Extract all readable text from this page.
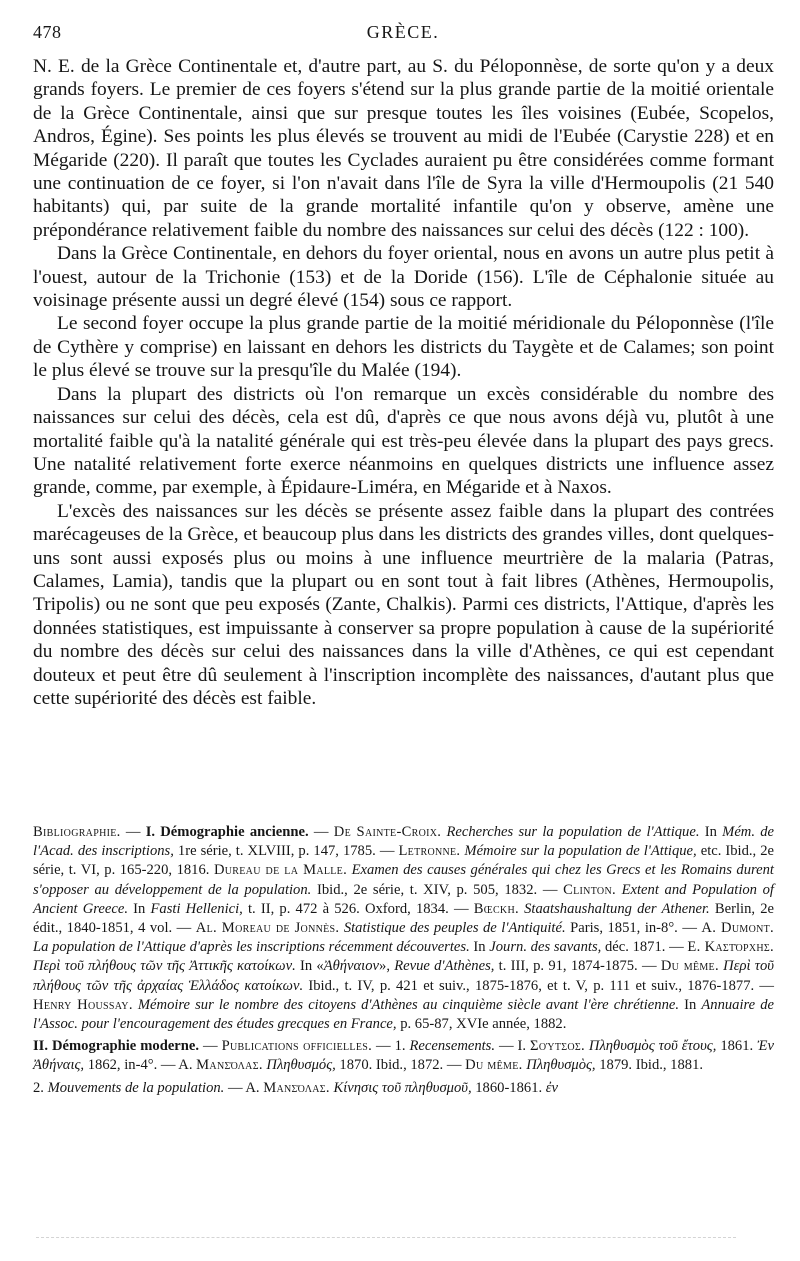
478	GRÈCE.

N. E. de la Grèce Continentale et, d'autre part, au S. du Péloponnèse, de sorte qu'on y a deux grands foyers. Le premier de ces foyers s'étend sur la plus grande partie de la moitié orientale de la Grèce Continentale, ainsi que sur presque toutes les îles voisines (Eubée, Scopelos, Andros, Égine). Ses points les plus élevés se trouvent au midi de l'Eubée (Carystie 228) et en Mégaride (220). Il paraît que toutes les Cyclades auraient pu être considérées comme formant une continuation de ce foyer, si l'on n'avait dans l'île de Syra la ville d'Hermoupolis (21 540 habitants) qui, par suite de la grande mortalité infantile qu'on y observe, amène une prépondérance relativement faible du nombre des naissances sur celui des décès (122 : 100).

Dans la Grèce Continentale, en dehors du foyer oriental, nous en avons un autre plus petit à l'ouest, autour de la Trichonie (153) et de la Doride (156). L'île de Céphalonie située au voisinage présente aussi un degré élevé (154) sous ce rapport.

Le second foyer occupe la plus grande partie de la moitié méridionale du Péloponnèse (l'île de Cythère y comprise) en laissant en dehors les districts du Taygète et de Calames; son point le plus élevé se trouve sur la presqu'île du Malée (194).

Dans la plupart des districts où l'on remarque un excès considérable du nombre des naissances sur celui des décès, cela est dû, d'après ce que nous avons déjà vu, plutôt à une mortalité faible qu'à la natalité générale qui est très-peu élevée dans la plupart des pays grecs. Une natalité relativement forte exerce néanmoins en quelques districts une influence assez grande, comme, par exemple, à Épidaure-Liméra, en Mégaride et à Naxos.

L'excès des naissances sur les décès se présente assez faible dans la plupart des contrées marécageuses de la Grèce, et beaucoup plus dans les districts des grandes villes, dont quelques-uns sont aussi exposés plus ou moins à une influence meurtrière de la malaria (Patras, Calames, Lamia), tandis que la plupart ou en sont tout à fait libres (Athènes, Hermoupolis, Tripolis) ou ne sont que peu exposés (Zante, Chalkis). Parmi ces districts, l'Attique, d'après les données statistiques, est impuissante à conserver sa propre population à cause de la supériorité du nombre des décès sur celui des naissances dans la ville d'Athènes, ce qui est cependant douteux et peut être dû seulement à l'inscription incomplète des naissances, d'autant plus que cette supériorité des décès est faible.

Bibliographie. — I. Démographie ancienne. — De Sainte-Croix. Recherches sur la population de l'Attique. In Mém. de l'Acad. des inscriptions, 1re série, t. XLVIII, p. 147, 1785. — Letronne. Mémoire sur la population de l'Attique, etc. Ibid., 2e série, t. VI, p. 165-220, 1816. Dureau de la Malle. Examen des causes générales qui chez les Grecs et les Romains durent s'opposer au développement de la population. Ibid., 2e série, t. XIV, p. 505, 1832. — Clinton. Extent and Population of Ancient Greece. In Fasti Hellenici, t. II, p. 472 à 526. Oxford, 1834. — Bœckh. Staatshaushaltung der Athener. Berlin, 2e édit., 1840-1851, 4 vol. — Al. Moreau de Jonnès. Statistique des peuples de l'Antiquité. Paris, 1851, in-8°. — A. Dumont. La population de l'Attique d'après les inscriptions récemment découvertes. In Journ. des savants, déc. 1871. — E. Καστόρχης. Περὶ τοῦ πλήθους τῶν τῆς Ἀττικῆς κατοίκων. In «Ἀθήναιον», Revue d'Athènes, t. III, p. 91, 1874-1875. — Du même. Περὶ τοῦ πλήθους τῶν τῆς ἀρχαίας Ἑλλάδος κατοίκων. Ibid., t. IV, p. 421 et suiv., 1875-1876, et t. V, p. 111 et suiv., 1876-1877. — Henry Houssay. Mémoire sur le nombre des citoyens d'Athènes au cinquième siècle avant l'ère chrétienne. In Annuaire de l'Assoc. pour l'encouragement des études grecques en France, p. 65-87, XVIe année, 1882.

II. Démographie moderne. — Publications officielles. — 1. Recensements. — I. Σούτσος. Πληθυσμὸς τοῦ ἔτους, 1861. Ἐν Ἀθήναις, 1862, in-4°. — A. Μανσόλας. Πληθυσμός, 1870. Ibid., 1872. — Du même. Πληθυσμὸς, 1879. Ibid., 1881.

2. Mouvements de la population. — A. Μανσόλας. Κίνησις τοῦ πληθυσμοῦ, 1860-1861. ἐν
